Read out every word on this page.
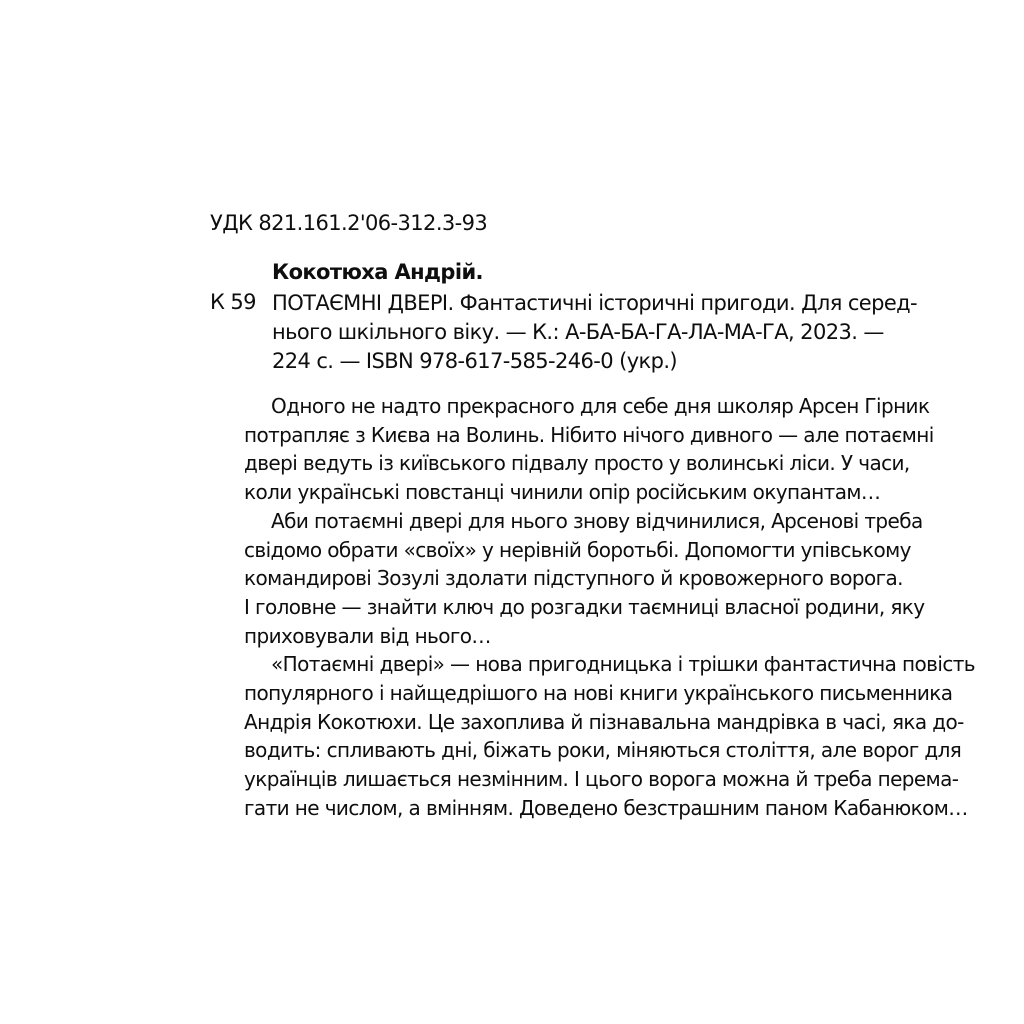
УДК 821.161.2'06-312.3-93
Кокотюха Андрій.
К 59 ПОТАЄМНІ ДВЕРІ. Фантастичні історичні пригоди. Для серед-
нього шкільного віку. — К.: А-БА-БА-ГА-ЛА-МА-ГА, 2023. —
224 с. — ISBN 978-617-585-246-0 (укр.)

Одного не надто прекрасного для себе дня школяр Арсен Гірник
потрапляє з Києва на Волинь. Нібито нічого дивного — але потаємні
двері ведуть із київського підвалу просто у волинські ліси. У часи,
коли українські повстанці чинили опір російським окупантам…

Аби потаємні двері для нього знову відчинилися, Арсенові треба
свідомо обрати «своїх» у нерівній боротьбі. Допомогти упівському
командирові Зозулі здолати підступного й кровожерного ворога.
І головне — знайти ключ до розгадки таємниці власної родини, яку
приховували від нього…

«Потаємні двері» — нова пригодницька і трішки фантастична повість
популярного і найщедрішого на нові книги українського письменника
Андрія Кокотюхи. Це захоплива й пізнавальна мандрівка в часі, яка до-
водить: спливають дні, біжать роки, міняються століття, але ворог для
українців лишається незмінним. І цього ворога можна й треба перема-
гати не числом, а вмінням. Доведено безстрашним паном Кабанюком…
